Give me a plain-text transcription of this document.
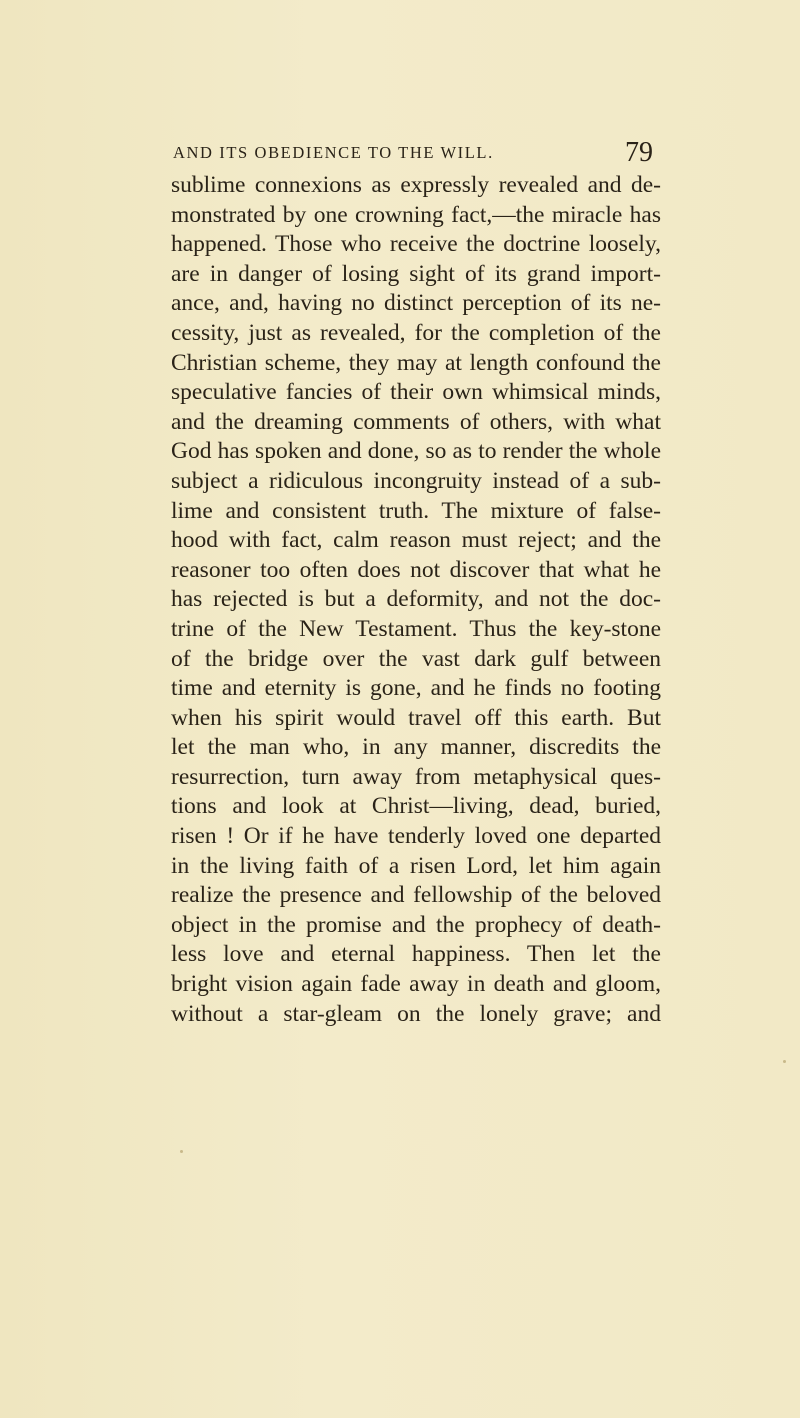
AND ITS OBEDIENCE TO THE WILL.	79
sublime connexions as expressly revealed and de-
monstrated by one crowning fact,—the miracle has
happened. Those who receive the doctrine loosely,
are in danger of losing sight of its grand import-
ance, and, having no distinct perception of its ne-
cessity, just as revealed, for the completion of the
Christian scheme, they may at length confound the
speculative fancies of their own whimsical minds,
and the dreaming comments of others, with what
God has spoken and done, so as to render the whole
subject a ridiculous incongruity instead of a sub-
lime and consistent truth. The mixture of false-
hood with fact, calm reason must reject; and the
reasoner too often does not discover that what he
has rejected is but a deformity, and not the doc-
trine of the New Testament. Thus the key-stone
of the bridge over the vast dark gulf between
time and eternity is gone, and he finds no footing
when his spirit would travel off this earth. But
let the man who, in any manner, discredits the
resurrection, turn away from metaphysical ques-
tions and look at Christ—living, dead, buried,
risen ! Or if he have tenderly loved one departed
in the living faith of a risen Lord, let him again
realize the presence and fellowship of the beloved
object in the promise and the prophecy of death-
less love and eternal happiness. Then let the
bright vision again fade away in death and gloom,
without a star-gleam on the lonely grave; and
